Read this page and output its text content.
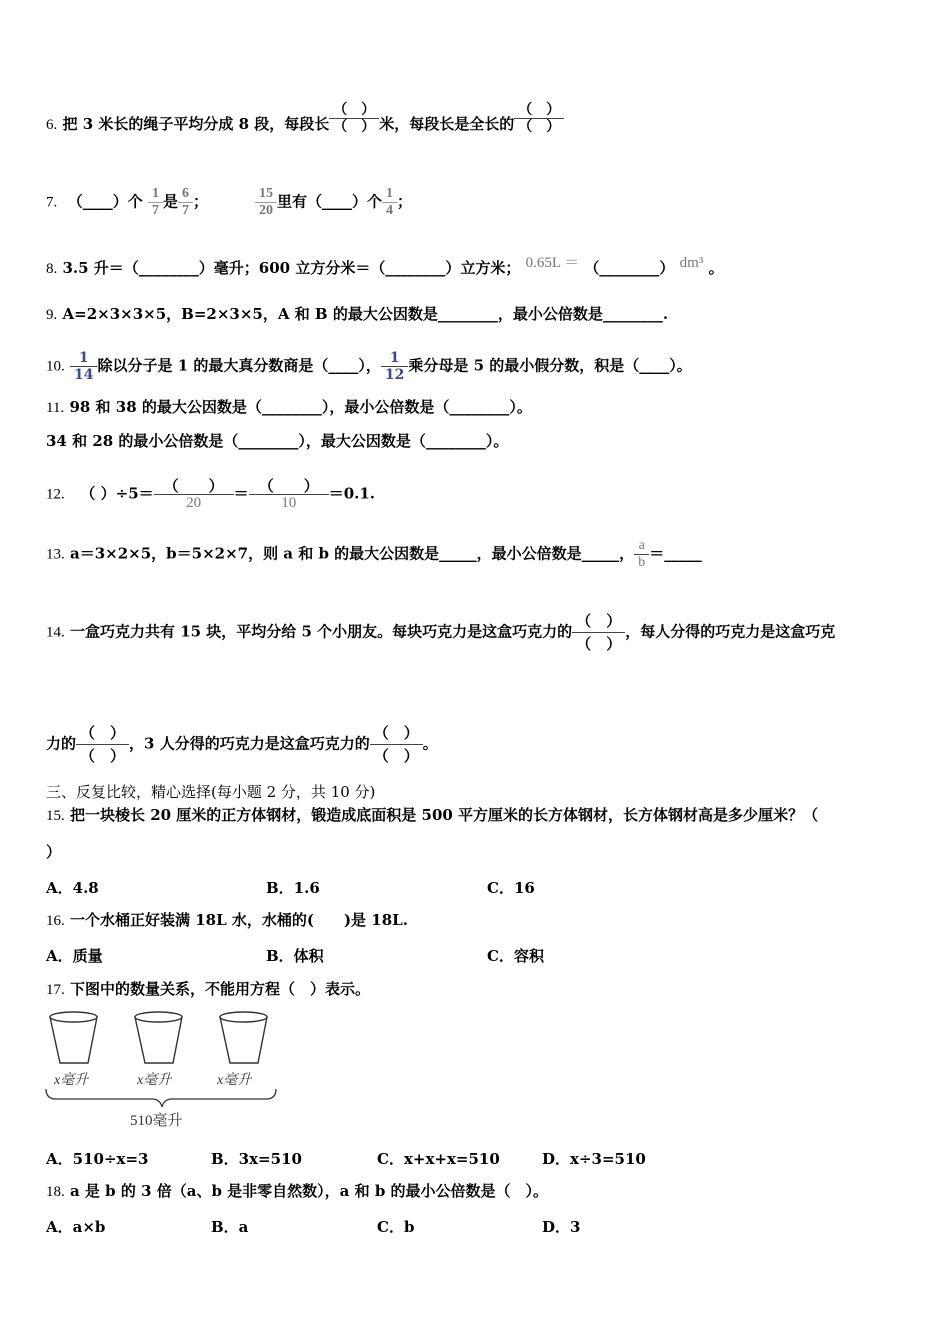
6. 把 3 米长的绳子平均分成 8 段，每段长 $\frac{( )}{( )}$ 米，每段长是全长的 $\frac{( )}{( )}$
7. （____）个 $\frac{1}{7}$ 是 $\frac{6}{7}$ ；	$\frac{15}{20}$ 里有（____）个 $\frac{1}{4}$ ；
8. 3.5 升＝（________）毫升；600 立方分米＝（________）立方米； 0.65L ＝ （________） dm³ 。
9. A=2×3×3×5，B=2×3×5，A 和 B 的最大公因数是________，最小公倍数是________.
10. $\frac{1}{14}$ 除以分子是 1 的最大真分数商是（____）， $\frac{1}{12}$ 乘分母是 5 的最小假分数，积是（____）。
11. 98 和 38 的最大公因数是（________），最小公倍数是（________）。
34 和 28 的最小公倍数是（________），最大公因数是（________）。
12. （ ）$\div 5= \frac{( )}{20} = \frac{( )}{10} =0.1$.
13. a＝3×2×5，b＝5×2×7，则 a 和 b 的最大公因数是_____，最小公倍数是_____， $\frac{a}{b}$ ＝_____
14. 一盒巧克力共有 15 块，平均分给 5 个小朋友。每块巧克力是这盒巧克力的 $\frac{( )}{( )}$ ，每人分得的巧克力是这盒巧克
力的 $\frac{( )}{( )}$ ，3 人分得的巧克力是这盒巧克力的 $\frac{( )}{( )}$ 。
三、反复比较，精心选择(每小题 2 分，共 10 分)
15. 把一块棱长 20 厘米的正方体钢材，锻造成底面积是 500 平方厘米的长方体钢材，长方体钢材高是多少厘米？（
）
A．4.8	B．1.6	C．16
16. 一个水桶正好装满 18L 水，水桶的(　　)是 18L.
A．质量	B．体积	C．容积
17. 下图中的数量关系，不能用方程（　）表示。
x毫升	x毫升	x毫升
510毫升
A．510÷x=3	B．3x=510	C．x+x+x=510	D．x÷3=510
18. a 是 b 的 3 倍（a、b 是非零自然数），a 和 b 的最小公倍数是（　）。
A．a×b	B．a	C．b	D．3
